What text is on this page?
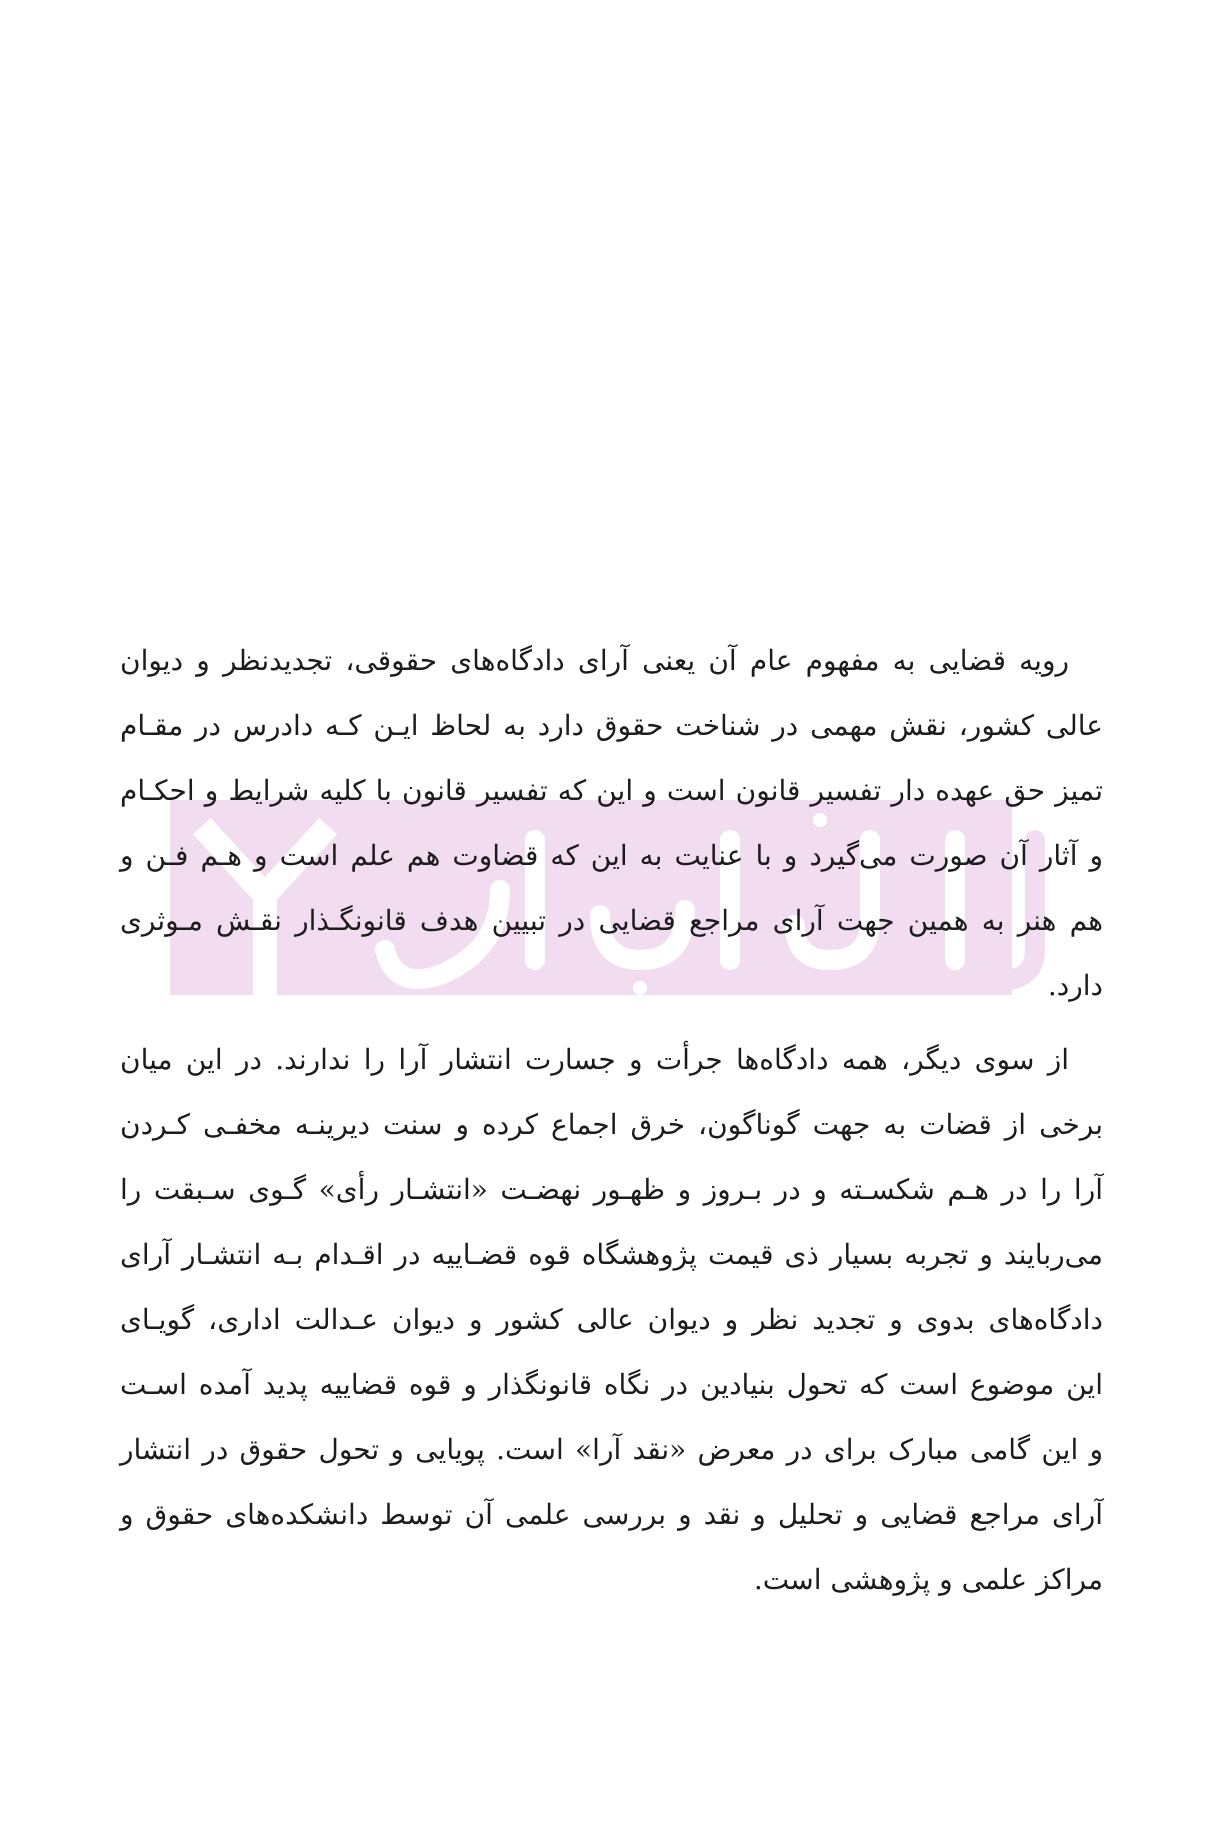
رویه قضایی به مفهوم عام آن یعنی آرای دادگاه‌های حقوقی، تجدیدنظر و دیوان
عالی کشور، نقش مهمی در شناخت حقوق دارد به لحاظ ایـن کـه دادرس در مقـام
تمیز حق عهده دار تفسیر قانون است و این که تفسیر قانون با کلیه شرایط و احکـام
و آثار آن صورت می‌گیرد و با عنایت به این که قضاوت هم علم است و هـم فـن و
هم هنر به همین جهت آرای مراجع قضایی در تبیین هدف قانونگـذار نقـش مـوثری
دارد.

از سوی دیگر، همه دادگاه‌ها جرأت و جسارت انتشار آرا را ندارند. در این میان
برخی از قضات به جهت گوناگون، خرق اجماع کرده و سنت دیرینـه مخفـی کـردن
آرا را در هـم شکسـته و در بـروز و ظهـور نهضـت «انتشـار رأی» گـوی سـبقت را
می‌ربایند و تجربه بسیار ذی قیمت پژوهشگاه قوه قضـاییه در اقـدام بـه انتشـار آرای
دادگاه‌های بدوی و تجدید نظر و دیوان عالی کشور و دیوان عـدالت اداری، گویـای
این موضوع است که تحول بنیادین در نگاه قانونگذار و قوه قضاییه پدید آمده اسـت
و این گامی مبارک برای در معرض «نقد آرا» است. پویایی و تحول حقوق در انتشار
آرای مراجع قضایی و تحلیل و نقد و بررسی علمی آن توسط دانشکده‌های حقوق و
مراکز علمی و پژوهشی است.
